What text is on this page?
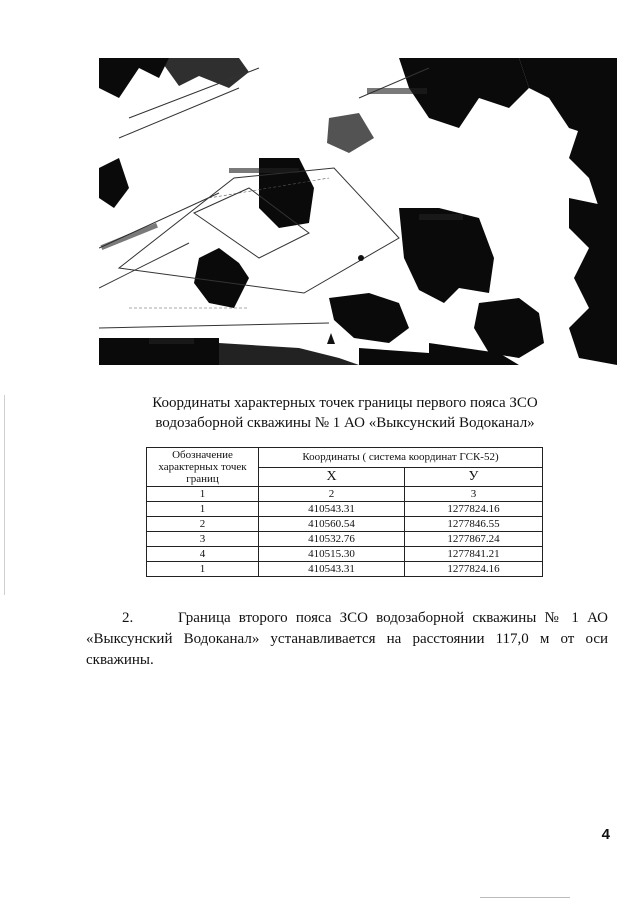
Координаты характерных точек границы первого пояса ЗСО
водозаборной скважины № 1 АО «Выксунский Водоканал»
Обозначение характерных точек границ	Координаты ( система координат ГСК-52)	
	X	У
1	2	3
1	410543.31	1277824.16
2	410560.54	1277846.55
3	410532.76	1277867.24
4	410515.30	1277841.21
1	410543.31	1277824.16
2.	Граница второго пояса ЗСО водозаборной скважины № 1 АО «Выксунский Водоканал» устанавливается на расстоянии 117,0 м от оси скважины.
4
